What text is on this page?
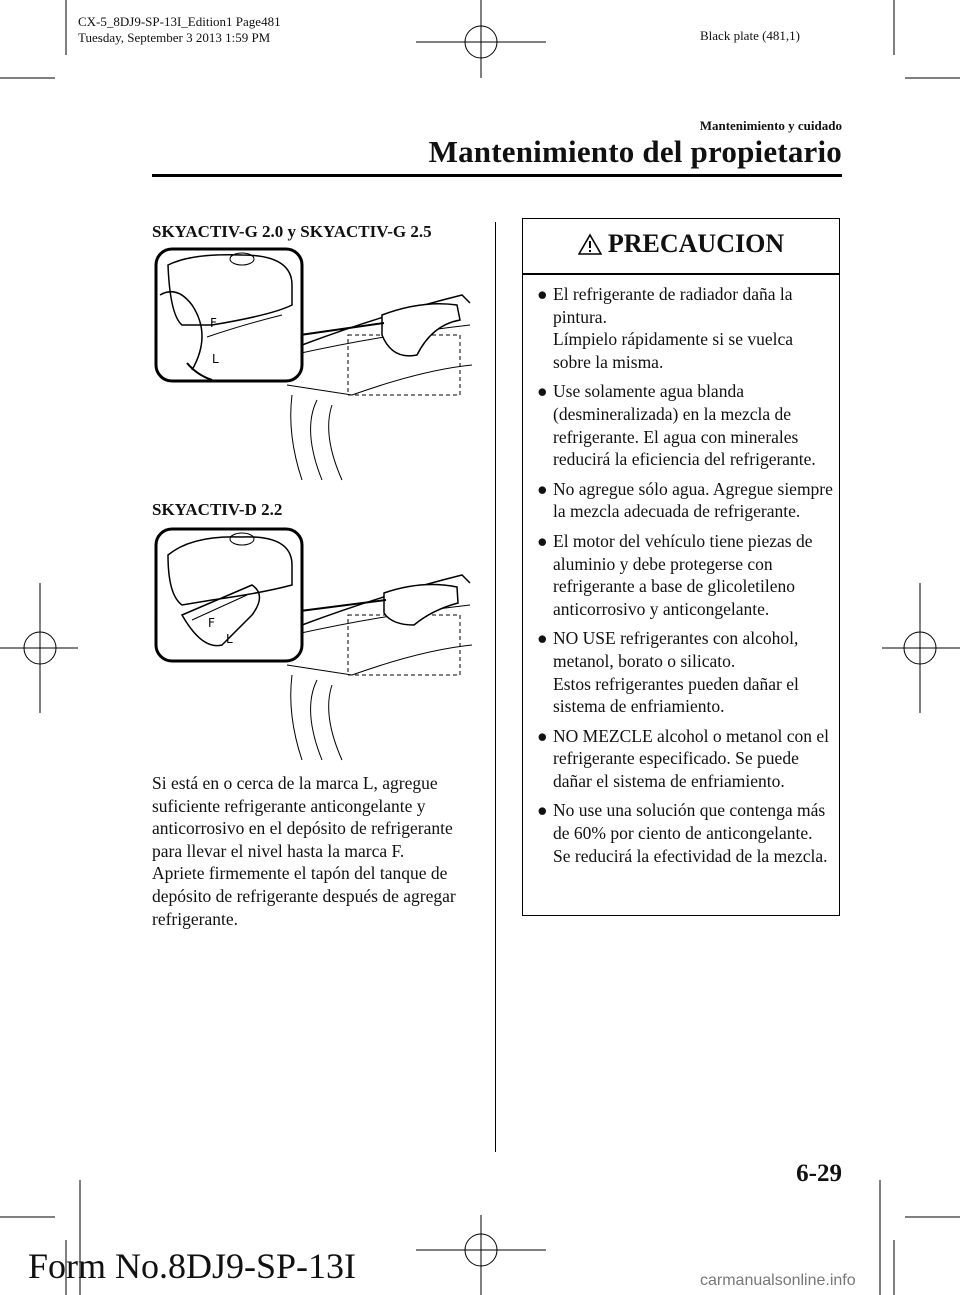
CX-5_8DJ9-SP-13I_Edition1 Page481
Tuesday, September 3 2013 1:59 PM	Black plate (481,1)
Mantenimiento y cuidado
Mantenimiento del propietario
SKYACTIV-G 2.0 y SKYACTIV-G 2.5
F
L
SKYACTIV-D 2.2
F
L

Si está en o cerca de la marca L, agregue suficiente refrigerante anticongelante y anticorrosivo en el depósito de refrigerante para llevar el nivel hasta la marca F.

Apriete firmemente el tapón del tanque de depósito de refrigerante después de agregar refrigerante.

PRECAUCION
● El refrigerante de radiador daña la pintura.

Límpielo rápidamente si se vuelca sobre la misma.

● Use solamente agua blanda (desmineralizada) en la mezcla de refrigerante. El agua con minerales reducirá la eficiencia del refrigerante.

● No agregue sólo agua. Agregue siempre la mezcla adecuada de refrigerante.

● El motor del vehículo tiene piezas de aluminio y debe protegerse con refrigerante a base de glicoletileno anticorrosivo y anticongelante.

● NO USE refrigerantes con alcohol, metanol, borato o silicato.

Estos refrigerantes pueden dañar el sistema de enfriamiento.

● NO MEZCLE alcohol o metanol con el refrigerante especificado. Se puede dañar el sistema de enfriamiento.

● No use una solución que contenga más de 60% por ciento de anticongelante.

Se reducirá la efectividad de la mezcla.

6-29
Form No.8DJ9-SP-13I	carmanualsonline.info
